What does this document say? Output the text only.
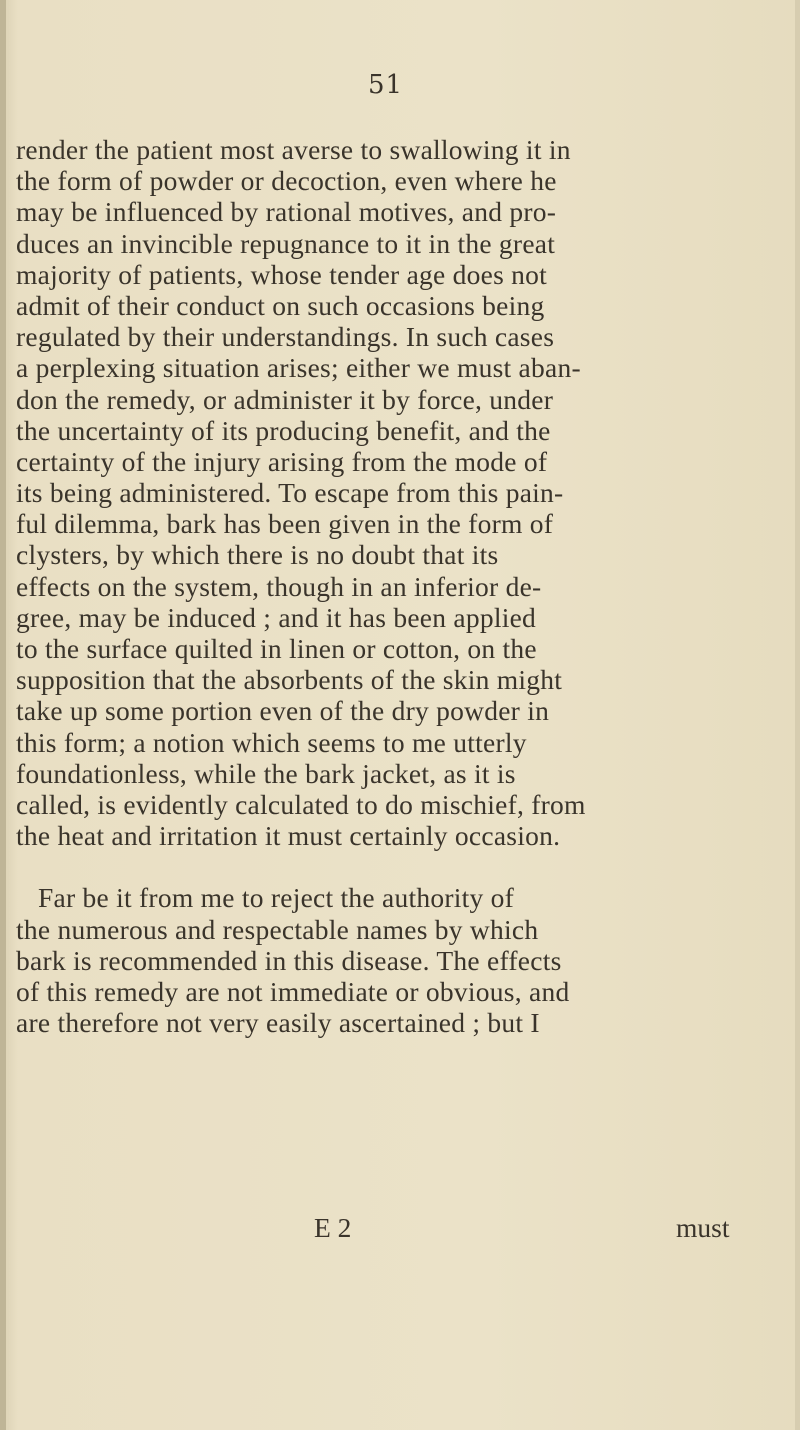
51
render the patient most averse to swallowing it in
the form of powder or decoction, even where he
may be influenced by rational motives, and pro-
duces an invincible repugnance to it in the great
majority of patients, whose tender age does not
admit of their conduct on such occasions being
regulated by their understandings. In such cases
a perplexing situation arises; either we must aban-
don the remedy, or administer it by force, under
the uncertainty of its producing benefit, and the
certainty of the injury arising from the mode of
its being administered. To escape from this pain-
ful dilemma, bark has been given in the form of
clysters, by which there is no doubt that its
effects on the system, though in an inferior de-
gree, may be induced ; and it has been applied
to the surface quilted in linen or cotton, on the
supposition that the absorbents of the skin might
take up some portion even of the dry powder in
this form; a notion which seems to me utterly
foundationless, while the bark jacket, as it is
called, is evidently calculated to do mischief, from
the heat and irritation it must certainly occasion.
Far be it from me to reject the authority of
the numerous and respectable names by which
bark is recommended in this disease. The effects
of this remedy are not immediate or obvious, and
are therefore not very easily ascertained ; but I
E 2	must
